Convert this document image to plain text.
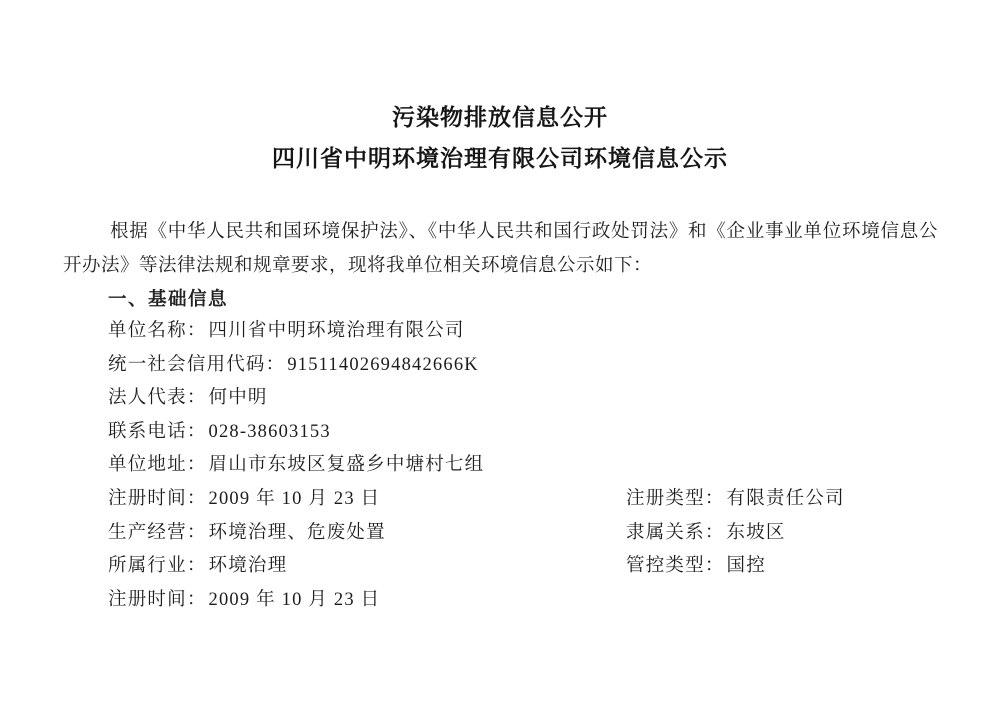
污染物排放信息公开
四川省中明环境治理有限公司环境信息公示
根据《中华人民共和国环境保护法》、《中华人民共和国行政处罚法》和《企业事业单位环境信息公
开办法》等法律法规和规章要求，现将我单位相关环境信息公示如下：
一、基础信息
单位名称： 四川省中明环境治理有限公司
统一社会信用代码： 91511402694842666K
法人代表： 何中明
联系电话： 028-38603153
单位地址： 眉山市东坡区复盛乡中塘村七组
注册时间： 2009 年 10 月 23 日	注册类型： 有限责任公司
生产经营： 环境治理、危废处置	隶属关系： 东坡区
所属行业： 环境治理	管控类型： 国控
注册时间： 2009 年 10 月 23 日
